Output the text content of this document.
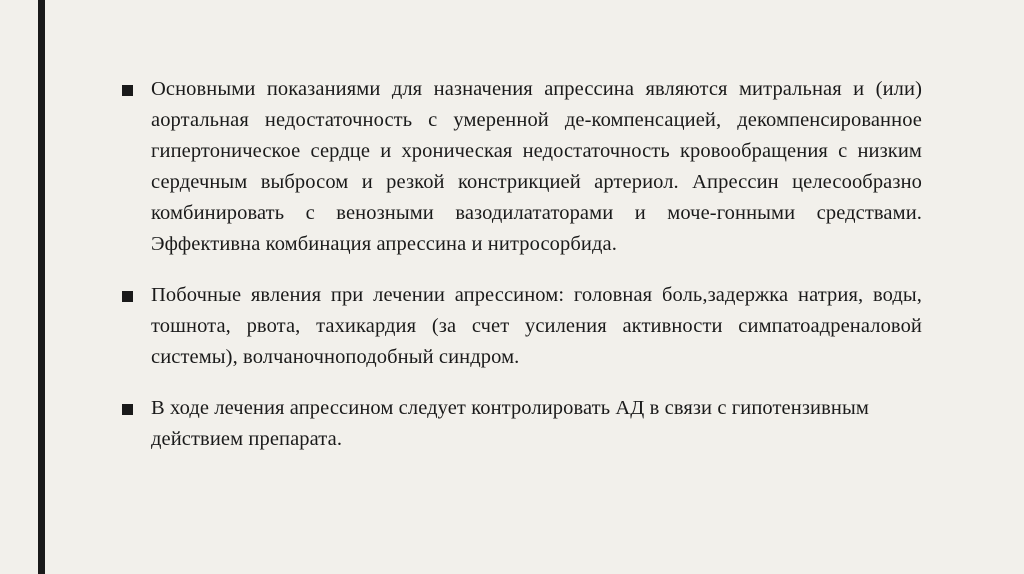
Основными показаниями для назначения апрессина являются митральная и (или) аортальная недостаточность с умеренной де-компенсацией, декомпенсированное гипертоническое сердце и хроническая недостаточность кровообращения с низким сердечным выбросом и резкой констрикцией артериол. Апрессин целесообразно комбинировать с венозными вазодилататорами и моче-гонными средствами. Эффективна комбинация апрессина и нитросорбида.
Побочные явления при лечении апрессином: головная боль,задержка натрия, воды, тошнота, рвота, тахикардия (за счет усиления активности симпатоадреналовой системы), волчаночноподобный синдром.
В ходе лечения апрессином следует контролировать АД в связи с гипотензивным действием препарата.
